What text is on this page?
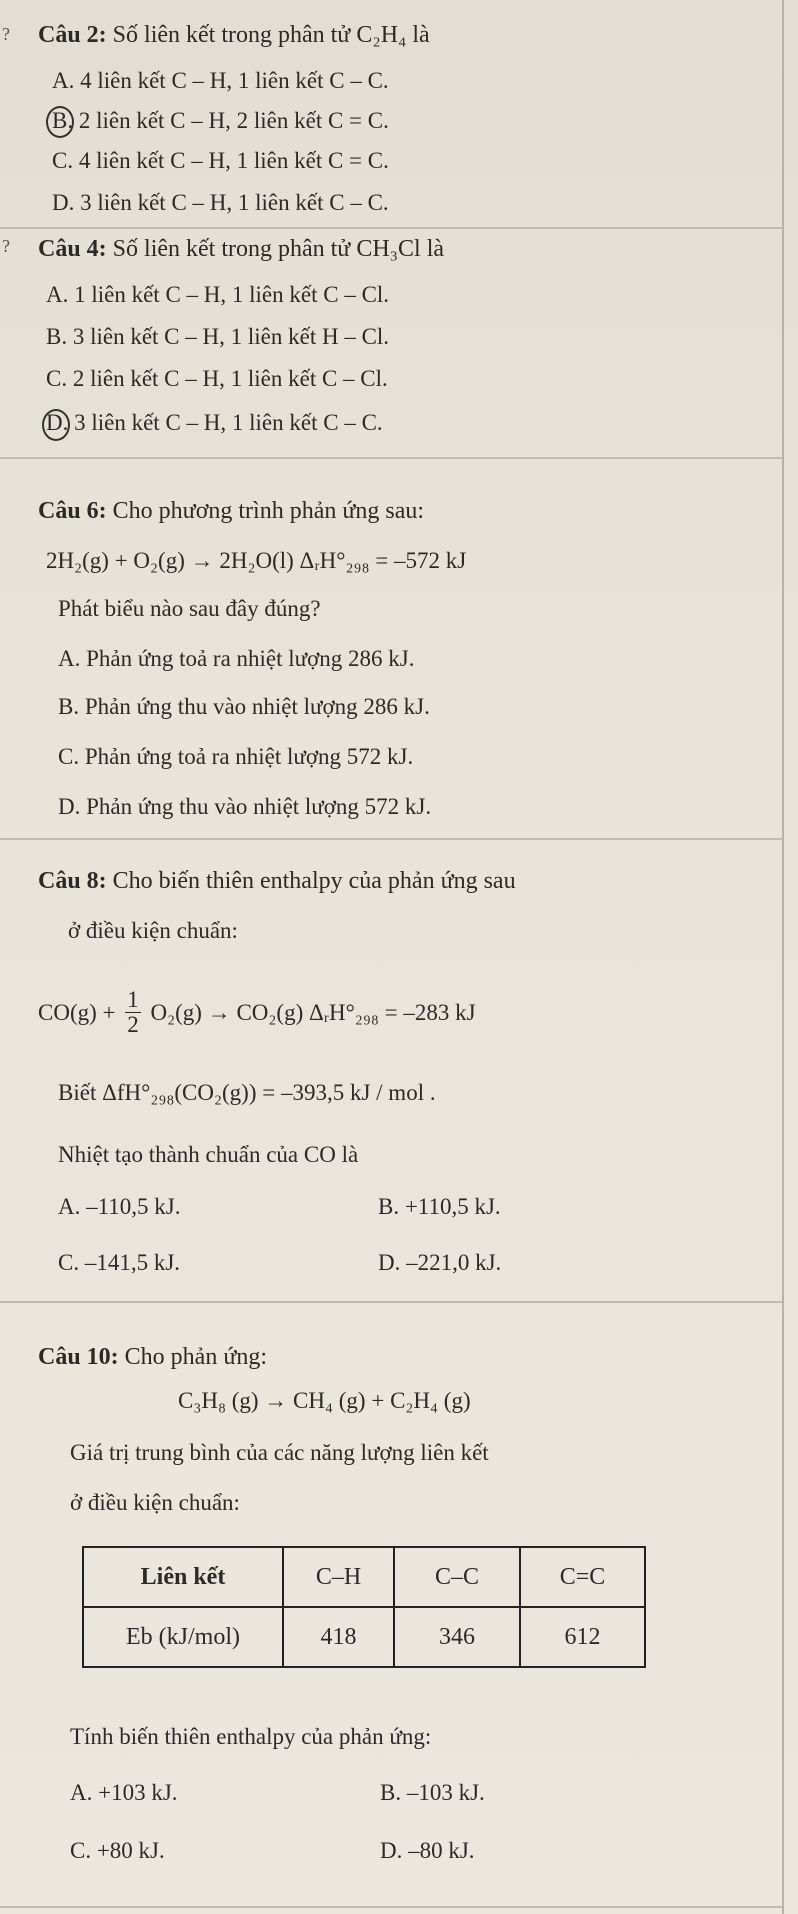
?
?
Câu 2: Số liên kết trong phân tử C₂H₄ là
A. 4 liên kết C – H, 1 liên kết C – C.
B. 2 liên kết C – H, 2 liên kết C = C.
C. 4 liên kết C – H, 1 liên kết C = C.
D. 3 liên kết C – H, 1 liên kết C – C.
Câu 4: Số liên kết trong phân tử CH₃Cl là
A. 1 liên kết C – H, 1 liên kết C – Cl.
B. 3 liên kết C – H, 1 liên kết H – Cl.
C. 2 liên kết C – H, 1 liên kết C – Cl.
D. 3 liên kết C – H, 1 liên kết C – C.
Câu 6: Cho phương trình phản ứng sau:
2H₂(g) + O₂(g) → 2H₂O(l) ΔᵣH°₂₉₈ = –572 kJ
Phát biểu nào sau đây đúng?
A. Phản ứng toả ra nhiệt lượng 286 kJ.
B. Phản ứng thu vào nhiệt lượng 286 kJ.
C. Phản ứng toả ra nhiệt lượng 572 kJ.
D. Phản ứng thu vào nhiệt lượng 572 kJ.
Câu 8: Cho biến thiên enthalpy của phản ứng sau
ở điều kiện chuẩn:
$CO(g) + \frac{1}{2} O_2(g) \to CO_2(g)$ ΔᵣH°₂₉₈ = –283 kJ
Biết ΔfH°₂₉₈(CO₂(g)) = –393,5 kJ / mol .
Nhiệt tạo thành chuẩn của CO là
A. –110,5 kJ.	B. +110,5 kJ.
C. –141,5 kJ.	D. –221,0 kJ.
Câu 10: Cho phản ứng:
C₃H₈ (g) → CH₄ (g) + C₂H₄ (g)
Giá trị trung bình của các năng lượng liên kết
ở điều kiện chuẩn:
Liên kết	C–H	C–C	C=C
Eb (kJ/mol)	418	346	612
Tính biến thiên enthalpy của phản ứng:
A. +103 kJ.	B. –103 kJ.
C. +80 kJ.	D. –80 kJ.
